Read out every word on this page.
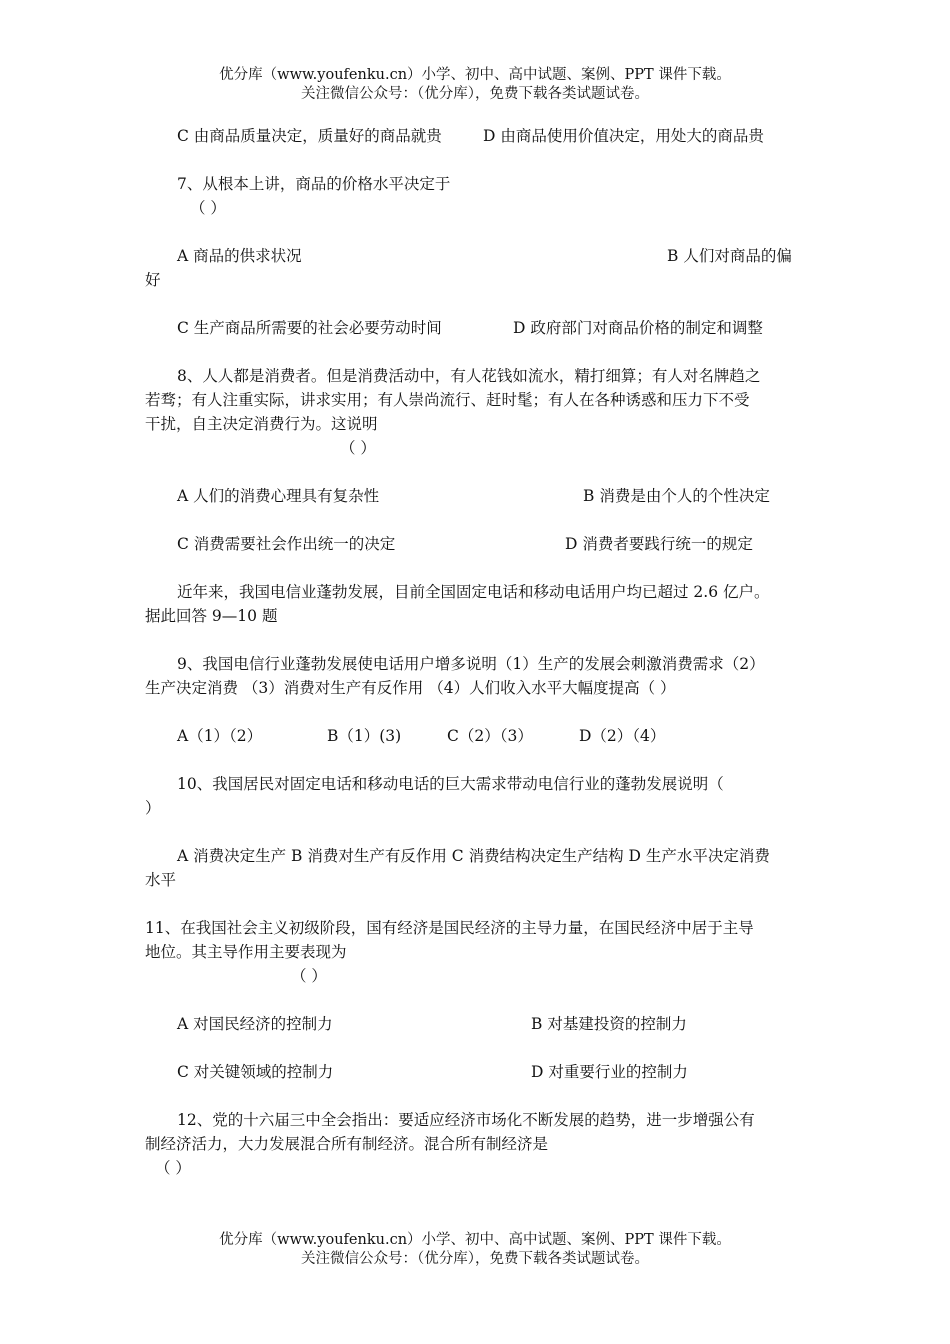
优分库（www.youfenku.cn）小学、初中、高中试题、案例、PPT 课件下载。
关注微信公众号：（优分库），免费下载各类试题试卷。
C 由商品质量决定，质量好的商品就贵	D 由商品使用价值决定，用处大的商品贵
7、从根本上讲，商品的价格水平决定于
（ ）
A 商品的供求状况	B 人们对商品的偏
好
C 生产商品所需要的社会必要劳动时间	D 政府部门对商品价格的制定和调整
8、人人都是消费者。但是消费活动中，有人花钱如流水，精打细算；有人对名牌趋之
若骛；有人注重实际，讲求实用；有人崇尚流行、赶时髦；有人在各种诱惑和压力下不受
干扰，自主决定消费行为。这说明
（ ）
A 人们的消费心理具有复杂性	B 消费是由个人的个性决定
C 消费需要社会作出统一的决定	D 消费者要践行统一的规定
近年来，我国电信业蓬勃发展，目前全国固定电话和移动电话用户均已超过 2.6 亿户。
据此回答 9—10 题
9、我国电信行业蓬勃发展使电话用户增多说明（1）生产的发展会刺激消费需求（2）
生产决定消费 （3）消费对生产有反作用 （4）人们收入水平大幅度提高（ ）
A（1）（2）	B（1）(3)	C（2）（3）	D（2）（4）
10、我国居民对固定电话和移动电话的巨大需求带动电信行业的蓬勃发展说明（
）
A 消费决定生产 B 消费对生产有反作用 C 消费结构决定生产结构 D 生产水平决定消费
水平
11、在我国社会主义初级阶段，国有经济是国民经济的主导力量，在国民经济中居于主导
地位。其主导作用主要表现为
（ ）
A 对国民经济的控制力	B 对基建投资的控制力
C 对关键领域的控制力	D 对重要行业的控制力
12、党的十六届三中全会指出：要适应经济市场化不断发展的趋势，进一步增强公有
制经济活力，大力发展混合所有制经济。混合所有制经济是
（ ）
优分库（www.youfenku.cn）小学、初中、高中试题、案例、PPT 课件下载。
关注微信公众号：（优分库），免费下载各类试题试卷。
